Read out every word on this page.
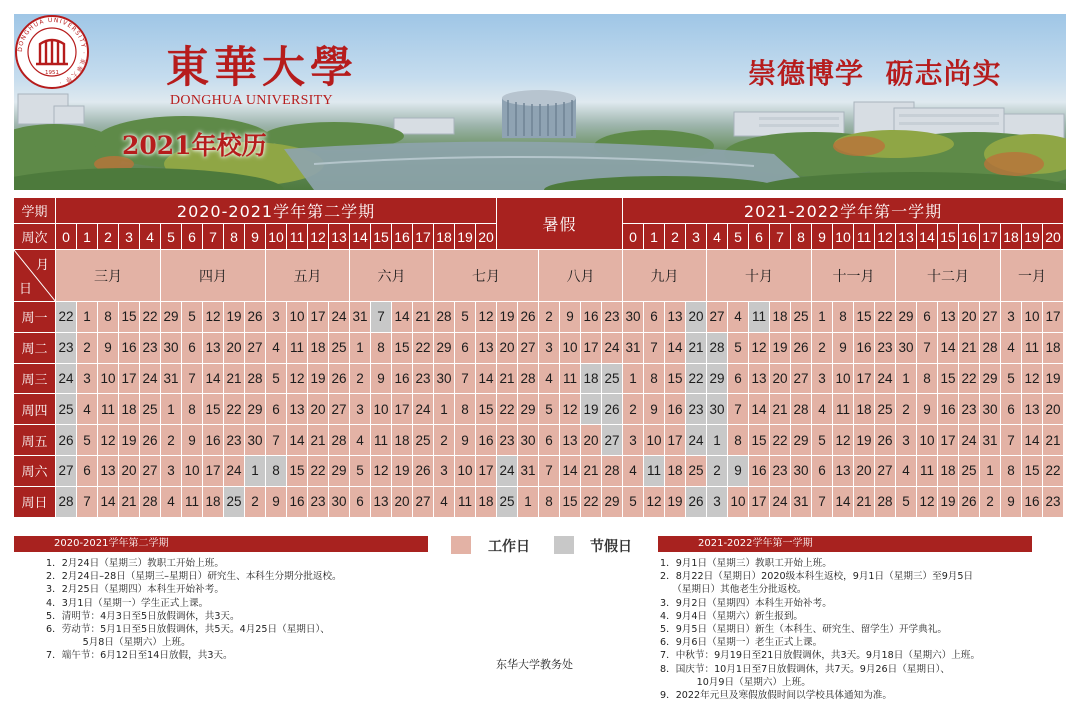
DONGHUA UNIVERSITY · 東華大學 ·
1951 東華大學
DONGHUA UNIVERSITY
崇德博学  砺志尚实
2021年校历
学期	2020-2021学年第二学期
暑假
2021-2022学年第一学期
周次	0 1 2 3 4 5 6 7 8 9 10 11 12 13 14 15 16 17 18 19 20	0 1 2 3 4 5 6 7 8 9 10 11 12 13 14 15 16 17 18 19 20
月
日
三月	四月	五月	六月	七月	八月	九月	十月	十一月	十二月	一月
周一 22 1 8 15 22 29 5 12 19 26 3 10 17 24 31 7 14 21 28 5 12 19 26 2 9 16 23 30 6 13 20 27 4 11 18 25 1 8 15 22 29 6 13 20 27 3 10 17
周二 23 2 9 16 23 30 6 13 20 27 4 11 18 25 1 8 15 22 29 6 13 20 27 3 10 17 24 31 7 14 21 28 5 12 19 26 2 9 16 23 30 7 14 21 28 4 11 18
周三 24 3 10 17 24 31 7 14 21 28 5 12 19 26 2 9 16 23 30 7 14 21 28 4 11 18 25 1 8 15 22 29 6 13 20 27 3 10 17 24 1 8 15 22 29 5 12 19
周四 25 4 11 18 25 1 8 15 22 29 6 13 20 27 3 10 17 24 1 8 15 22 29 5 12 19 26 2 9 16 23 30 7 14 21 28 4 11 18 25 2 9 16 23 30 6 13 20
周五 26 5 12 19 26 2 9 16 23 30 7 14 21 28 4 11 18 25 2 9 16 23 30 6 13 20 27 3 10 17 24 1 8 15 22 29 5 12 19 26 3 10 17 24 31 7 14 21
周六 27 6 13 20 27 3 10 17 24 1 8 15 22 29 5 12 19 26 3 10 17 24 31 7 14 21 28 4 11 18 25 2 9 16 23 30 6 13 20 27 4 11 18 25 1 8 15 22
周日 28 7 14 21 28 4 11 18 25 2 9 16 23 30 6 13 20 27 4 11 18 25 1 8 15 22 29 5 12 19 26 3 10 17 24 31 7 14 21 28 5 12 19 26 2 9 16 23
工作日	节假日
2020-2021学年第二学期
1．2月24日（星期三）教职工开始上班。
2．2月24日–28日（星期三–星期日）研究生、本科生分期分批返校。
3．2月25日（星期四）本科生开始补考。
4．3月1日（星期一）学生正式上课。
5．清明节：4月3日至5日放假调休，共3天。
6．劳动节：5月1日至5日放假调休，共5天。4月25日（星期日）、
5月8日（星期六）上班。
7．端午节：6月12日至14日放假，共3天。
2021-2022学年第一学期
1．9月1日（星期三）教职工开始上班。
2．8月22日（星期日）2020级本科生返校，9月1日（星期三）至9月5日
（星期日）其他老生分批返校。
3．9月2日（星期四）本科生开始补考。
4．9月4日（星期六）新生报到。
5．9月5日（星期日）新生（本科生、研究生、留学生）开学典礼。
6．9月6日（星期一）老生正式上课。
7．中秋节：9月19日至21日放假调休，共3天。9月18日（星期六）上班。
8．国庆节：10月1日至7日放假调休，共7天。9月26日（星期日）、
10月9日（星期六）上班。
9．2022年元旦及寒假放假时间以学校具体通知为准。
东华大学教务处
